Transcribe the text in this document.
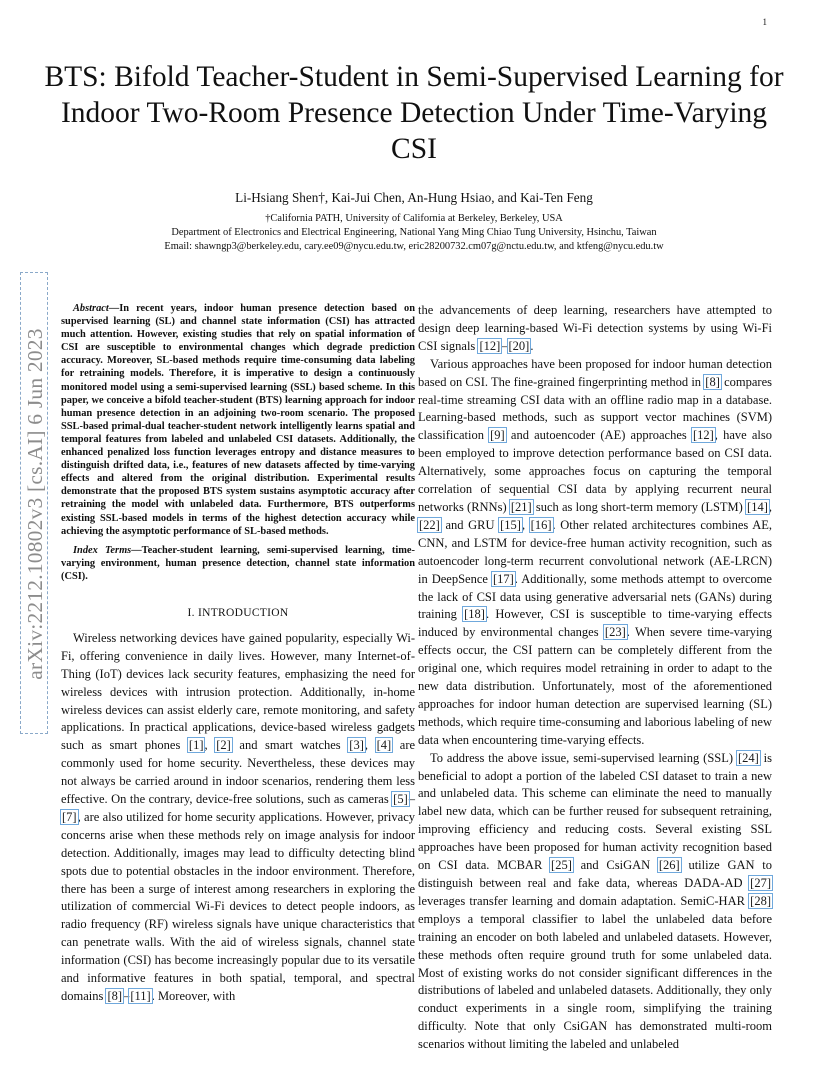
1
BTS: Bifold Teacher-Student in Semi-Supervised Learning for Indoor Two-Room Presence Detection Under Time-Varying CSI
Li-Hsiang Shen†, Kai-Jui Chen, An-Hung Hsiao, and Kai-Ten Feng
†California PATH, University of California at Berkeley, Berkeley, USA
Department of Electronics and Electrical Engineering, National Yang Ming Chiao Tung University, Hsinchu, Taiwan
Email: shawngp3@berkeley.edu, cary.ee09@nycu.edu.tw, eric28200732.cm07g@nctu.edu.tw, and ktfeng@nycu.edu.tw
arXiv:2212.10802v3 [cs.AI] 6 Jun 2023

Abstract—In recent years, indoor human presence detection based on supervised learning (SL) and channel state information (CSI) has attracted much attention. However, existing studies that rely on spatial information of CSI are susceptible to environmental changes which degrade prediction accuracy. Moreover, SL-based methods require time-consuming data labeling for retraining models. Therefore, it is imperative to design a continuously monitored model using a semi-supervised learning (SSL) based scheme. In this paper, we conceive a bifold teacher-student (BTS) learning approach for indoor human presence detection in an adjoining two-room scenario. The proposed SSL-based primal-dual teacher-student network intelligently learns spatial and temporal features from labeled and unlabeled CSI datasets. Additionally, the enhanced penalized loss function leverages entropy and distance measures to distinguish drifted data, i.e., features of new datasets affected by time-varying effects and altered from the original distribution. Experimental results demonstrate that the proposed BTS system sustains asymptotic accuracy after retraining the model with unlabeled data. Furthermore, BTS outperforms existing SSL-based models in terms of the highest detection accuracy while achieving the asymptotic performance of SL-based methods.

Index Terms—Teacher-student learning, semi-supervised learning, time-varying environment, human presence detection, channel state information (CSI).

I. INTRODUCTION

Wireless networking devices have gained popularity, especially Wi-Fi, offering convenience in daily lives. However, many Internet-of-Thing (IoT) devices lack security features, emphasizing the need for wireless devices with intrusion protection. Additionally, in-home wireless devices can assist elderly care, remote monitoring, and safety applications. In practical applications, device-based wireless gadgets such as smart phones [1], [2] and smart watches [3], [4] are commonly used for home security. Nevertheless, these devices may not always be carried around in indoor scenarios, rendering them less effective. On the contrary, device-free solutions, such as cameras [5]–[7], are also utilized for home security applications. However, privacy concerns arise when these methods rely on image analysis for indoor detection. Additionally, images may lead to difficulty detecting blind spots due to potential obstacles in the indoor environment. Therefore, there has been a surge of interest among researchers in exploring the utilization of commercial Wi-Fi devices to detect people indoors, as radio frequency (RF) wireless signals have unique characteristics that can penetrate walls. With the aid of wireless signals, channel state information (CSI) has become increasingly popular due to its versatile and informative features in both spatial, temporal, and spectral domains [8]–[11]. Moreover, with

the advancements of deep learning, researchers have attempted to design deep learning-based Wi-Fi detection systems by using Wi-Fi CSI signals [12]–[20].

Various approaches have been proposed for indoor human detection based on CSI. The fine-grained fingerprinting method in [8] compares real-time streaming CSI data with an offline radio map in a database. Learning-based methods, such as support vector machines (SVM) classification [9] and autoencoder (AE) approaches [12], have also been employed to improve detection performance based on CSI data. Alternatively, some approaches focus on capturing the temporal correlation of sequential CSI data by applying recurrent neural networks (RNNs) [21] such as long short-term memory (LSTM) [14], [22] and GRU [15], [16]. Other related architectures combines AE, CNN, and LSTM for device-free human activity recognition, such as autoencoder long-term recurrent convolutional network (AE-LRCN) in DeepSence [17]. Additionally, some methods attempt to overcome the lack of CSI data using generative adversarial nets (GANs) during training [18]. However, CSI is susceptible to time-varying effects induced by environmental changes [23]. When severe time-varying effects occur, the CSI pattern can be completely different from the original one, which requires model retraining in order to adapt to the new data distribution. Unfortunately, most of the aforementioned approaches for indoor human detection are supervised learning (SL) methods, which require time-consuming and laborious labeling of new data when encountering time-varying effects.

To address the above issue, semi-supervised learning (SSL) [24] is beneficial to adopt a portion of the labeled CSI dataset to train a new and unlabeled data. This scheme can eliminate the need to manually label new data, which can be further reused for subsequent retraining, improving efficiency and reducing costs. Several existing SSL approaches have been proposed for human activity recognition based on CSI data. MCBAR [25] and CsiGAN [26] utilize GAN to distinguish between real and fake data, whereas DADA-AD [27] leverages transfer learning and domain adaptation. SemiC-HAR [28] employs a temporal classifier to label the unlabeled data before training an encoder on both labeled and unlabeled datasets. However, these methods often require ground truth for some unlabeled data. Most of existing works do not consider significant differences in the distributions of labeled and unlabeled datasets. Additionally, they only conduct experiments in a single room, simplifying the training difficulty. Note that only CsiGAN has demonstrated multi-room scenarios without limiting the labeled and unlabeled
